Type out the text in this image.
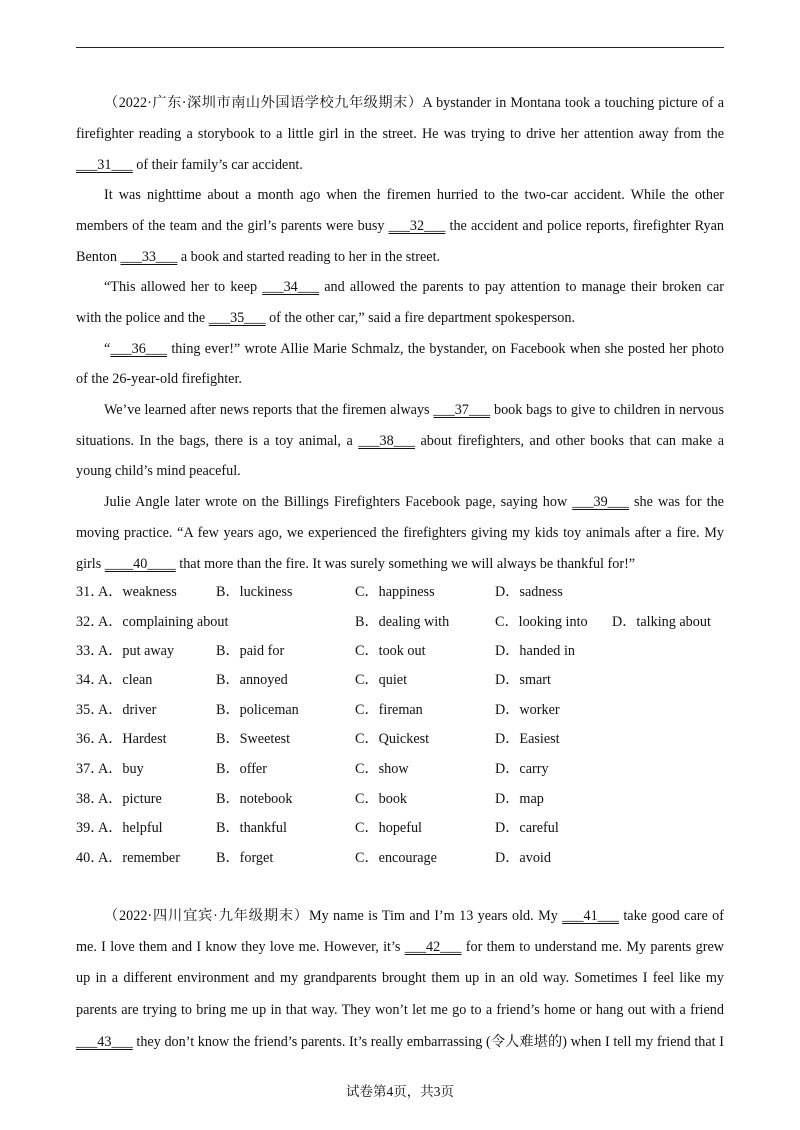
（2022·广东·深圳市南山外国语学校九年级期末）A bystander in Montana took a touching picture of a
firefighter reading a storybook to a little girl in the street. He was trying to drive her attention away from the
___31___ of their family’s car accident.
It was nighttime about a month ago when the firemen hurried to the two-car accident. While the other
members of the team and the girl’s parents were busy ___32___ the accident and police reports, firefighter Ryan
Benton ___33___ a book and started reading to her in the street.
“This allowed her to keep ___34___ and allowed the parents to pay attention to manage their broken car
with the police and the ___35___ of the other car,” said a fire department spokesperson.
“___36___ thing ever!” wrote Allie Marie Schmalz, the bystander, on Facebook when she posted her photo
of the 26-year-old firefighter.
We’ve learned after news reports that the firemen always ___37___ book bags to give to children in nervous
situations. In the bags, there is a toy animal, a ___38___ about firefighters, and other books that can make a
young child’s mind peaceful.
Julie Angle later wrote on the Billings Firefighters Facebook page, saying how ___39___ she was for the
moving practice. “A few years ago, we experienced the firefighters giving my kids toy animals after a fire. My
girls ____40____ that more than the fire. It was surely something we will always be thankful for!”
31．
A．weakness	B．luckiness	C．happiness	D．sadness
32．
A．complaining about	B．dealing with	C．looking into D．talking about
33．
A．put away	B．paid for	C．took out	D．handed in
34．
A．clean	B．annoyed	C．quiet	D．smart
35．
A．driver	B．policeman	C．fireman	D．worker
36．
A．Hardest	B．Sweetest	C．Quickest	D．Easiest
37．
A．buy	B．offer	C．show	D．carry
38．
A．picture	B．notebook	C．book	D．map
39．
A．helpful	B．thankful	C．hopeful	D．careful
40．
A．remember	B．forget	C．encourage	D．avoid
（2022·四川宜宾·九年级期末）My name is Tim and I’m 13 years old. My ___41___ take good care of
me. I love them and I know they love me. However, it’s ___42___ for them to understand me. My parents grew
up in a different environment and my grandparents brought them up in an old way. Sometimes I feel like my
parents are trying to bring me up in that way. They won’t let me go to a friend’s home or hang out with a friend
___43___ they don’t know the friend’s parents. It’s really embarrassing (令人难堪的) when I tell my friend that I
试卷第4页，共3页
